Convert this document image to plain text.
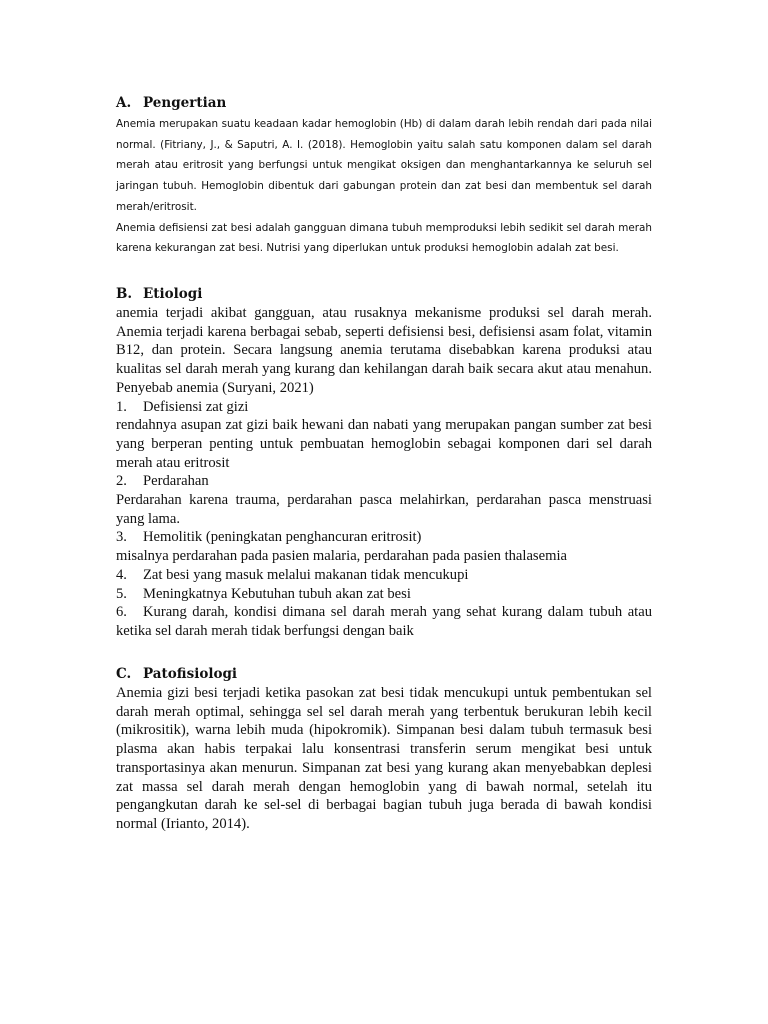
A. Pengertian

Anemia merupakan suatu keadaan kadar hemoglobin (Hb) di dalam darah lebih rendah dari pada nilai normal. (Fitriany, J., & Saputri, A. I. (2018). Hemoglobin yaitu salah satu komponen dalam sel darah merah atau eritrosit yang berfungsi untuk mengikat oksigen dan menghantarkannya ke seluruh sel jaringan tubuh. Hemoglobin dibentuk dari gabungan protein dan zat besi dan membentuk sel darah merah/eritrosit.

Anemia defisiensi zat besi adalah gangguan dimana tubuh memproduksi lebih sedikit sel darah merah karena kekurangan zat besi. Nutrisi yang diperlukan untuk produksi hemoglobin adalah zat besi.

B. Etiologi

anemia terjadi akibat gangguan, atau rusaknya mekanisme produksi sel darah merah. Anemia terjadi karena berbagai sebab, seperti defisiensi besi, defisiensi asam folat, vitamin B12, dan protein. Secara langsung anemia terutama disebabkan karena produksi atau kualitas sel darah merah yang kurang dan kehilangan darah baik secara akut atau menahun. Penyebab anemia (Suryani, 2021)

1. Defisiensi zat gizi

rendahnya asupan zat gizi baik hewani dan nabati yang merupakan pangan sumber zat besi yang berperan penting untuk pembuatan hemoglobin sebagai komponen dari sel darah merah atau eritrosit

2. Perdarahan

Perdarahan karena trauma, perdarahan pasca melahirkan, perdarahan pasca menstruasi yang lama.

3. Hemolitik (peningkatan penghancuran eritrosit)

misalnya perdarahan pada pasien malaria, perdarahan pada pasien thalasemia

4. Zat besi yang masuk melalui makanan tidak mencukupi

5. Meningkatnya Kebutuhan tubuh akan zat besi

6. Kurang darah, kondisi dimana sel darah merah yang sehat kurang dalam tubuh atau ketika sel darah merah tidak berfungsi dengan baik

C. Patofisiologi

Anemia gizi besi terjadi ketika pasokan zat besi tidak mencukupi untuk pembentukan sel darah merah optimal, sehingga sel sel darah merah yang terbentuk berukuran lebih kecil (mikrositik), warna lebih muda (hipokromik). Simpanan besi dalam tubuh termasuk besi plasma akan habis terpakai lalu konsentrasi transferin serum mengikat besi untuk transportasinya akan menurun. Simpanan zat besi yang kurang akan menyebabkan deplesi zat massa sel darah merah dengan hemoglobin yang di bawah normal, setelah itu pengangkutan darah ke sel-sel di berbagai bagian tubuh juga berada di bawah kondisi normal (Irianto, 2014).
